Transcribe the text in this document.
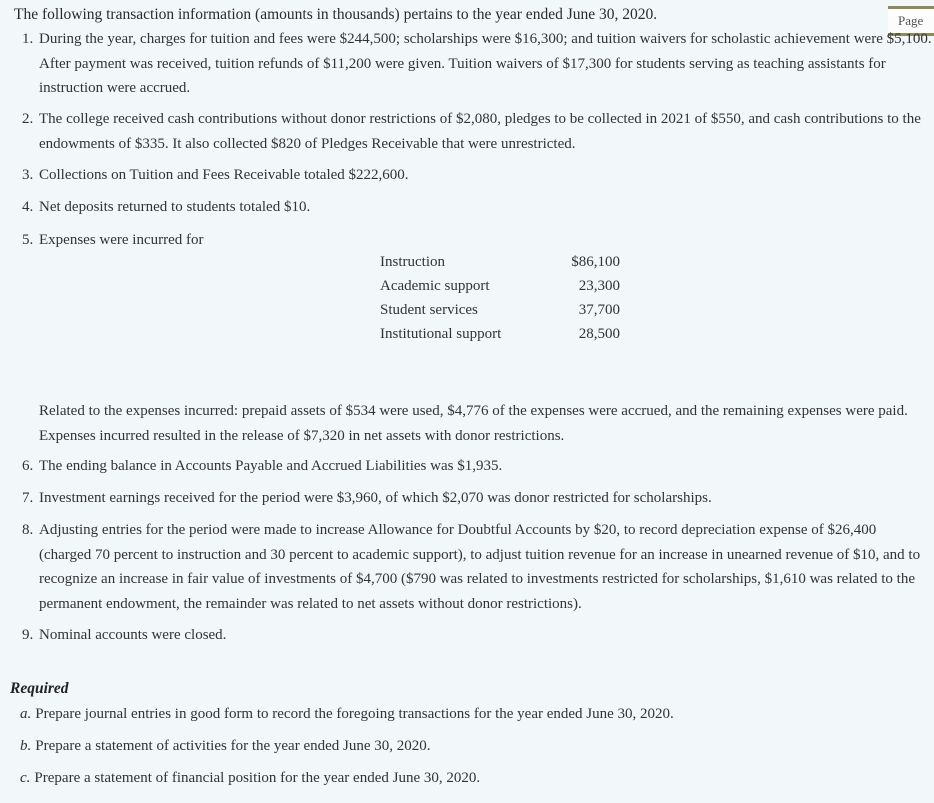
The following transaction information (amounts in thousands) pertains to the year ended June 30, 2020.	Page
1. During the year, charges for tuition and fees were $244,500; scholarships were $16,300; and tuition waivers for scholastic achievement were $5,100. After payment was received, tuition refunds of $11,200 were given. Tuition waivers of $17,300 for students serving as teaching assistants for instruction were accrued.
2. The college received cash contributions without donor restrictions of $2,080, pledges to be collected in 2021 of $550, and cash contributions to the endowments of $335. It also collected $820 of Pledges Receivable that were unrestricted.
3. Collections on Tuition and Fees Receivable totaled $222,600.
4. Net deposits returned to students totaled $10.
5. Expenses were incurred for
Instruction	$86,100
Academic support	23,300
Student services	37,700
Institutional support	28,500
Related to the expenses incurred: prepaid assets of $534 were used, $4,776 of the expenses were accrued, and the remaining expenses were paid. Expenses incurred resulted in the release of $7,320 in net assets with donor restrictions.
6. The ending balance in Accounts Payable and Accrued Liabilities was $1,935.
7. Investment earnings received for the period were $3,960, of which $2,070 was donor restricted for scholarships.
8. Adjusting entries for the period were made to increase Allowance for Doubtful Accounts by $20, to record depreciation expense of $26,400 (charged 70 percent to instruction and 30 percent to academic support), to adjust tuition revenue for an increase in unearned revenue of $10, and to recognize an increase in fair value of investments of $4,700 ($790 was related to investments restricted for scholarships, $1,610 was related to the permanent endowment, the remainder was related to net assets without donor restrictions).
9. Nominal accounts were closed.
Required
a. Prepare journal entries in good form to record the foregoing transactions for the year ended June 30, 2020.
b. Prepare a statement of activities for the year ended June 30, 2020.
c. Prepare a statement of financial position for the year ended June 30, 2020.
